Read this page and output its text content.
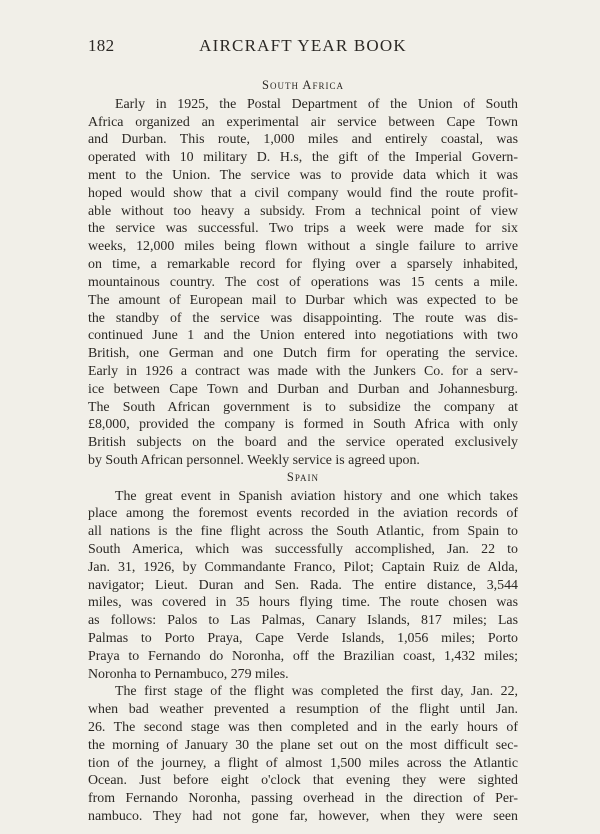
182	AIRCRAFT YEAR BOOK
South Africa
Early in 1925, the Postal Department of the Union of South
Africa organized an experimental air service between Cape Town
and Durban. This route, 1,000 miles and entirely coastal, was
operated with 10 military D. H.s, the gift of the Imperial Govern-
ment to the Union. The service was to provide data which it was
hoped would show that a civil company would find the route profit-
able without too heavy a subsidy. From a technical point of view
the service was successful. Two trips a week were made for six
weeks, 12,000 miles being flown without a single failure to arrive
on time, a remarkable record for flying over a sparsely inhabited,
mountainous country. The cost of operations was 15 cents a mile.
The amount of European mail to Durbar which was expected to be
the standby of the service was disappointing. The route was dis-
continued June 1 and the Union entered into negotiations with two
British, one German and one Dutch firm for operating the service.
Early in 1926 a contract was made with the Junkers Co. for a serv-
ice between Cape Town and Durban and Durban and Johannesburg.
The South African government is to subsidize the company at
£8,000, provided the company is formed in South Africa with only
British subjects on the board and the service operated exclusively
by South African personnel. Weekly service is agreed upon.
Spain
The great event in Spanish aviation history and one which takes
place among the foremost events recorded in the aviation records of
all nations is the fine flight across the South Atlantic, from Spain to
South America, which was successfully accomplished, Jan. 22 to
Jan. 31, 1926, by Commandante Franco, Pilot; Captain Ruiz de Alda,
navigator; Lieut. Duran and Sen. Rada. The entire distance, 3,544
miles, was covered in 35 hours flying time. The route chosen was
as follows: Palos to Las Palmas, Canary Islands, 817 miles; Las
Palmas to Porto Praya, Cape Verde Islands, 1,056 miles; Porto
Praya to Fernando do Noronha, off the Brazilian coast, 1,432 miles;
Noronha to Pernambuco, 279 miles.
The first stage of the flight was completed the first day, Jan. 22,
when bad weather prevented a resumption of the flight until Jan.
26. The second stage was then completed and in the early hours of
the morning of January 30 the plane set out on the most difficult sec-
tion of the journey, a flight of almost 1,500 miles across the Atlantic
Ocean. Just before eight o'clock that evening they were sighted
from Fernando Noronha, passing overhead in the direction of Per-
nambuco. They had not gone far, however, when they were seen
